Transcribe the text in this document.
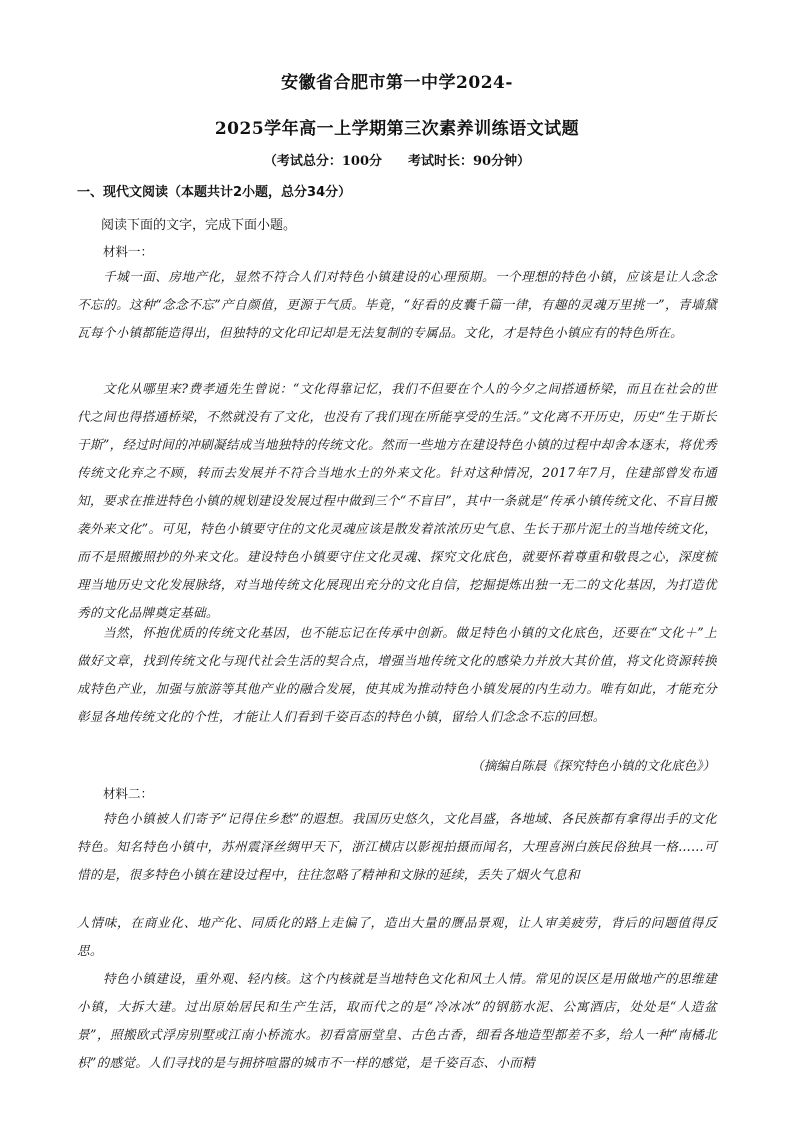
安徽省合肥市第一中学2024-
2025学年高一上学期第三次素养训练语文试题
（考试总分：100分 考试时长：90分钟）
一、现代文阅读（本题共计2小题，总分34分）
阅读下面的文字，完成下面小题。
材料一：

千城一面、房地产化，显然不符合人们对特色小镇建设的心理预期。一个理想的特色小镇，应该是让人念念不忘的。这种“念念不忘”产自颜值，更源于气质。毕竟，“好看的皮囊千篇一律，有趣的灵魂万里挑一”，青墙黛瓦每个小镇都能造得出，但独特的文化印记却是无法复制的专属品。文化，才是特色小镇应有的特色所在。

文化从哪里来?费孝通先生曾说：“文化得靠记忆，我们不但要在个人的今夕之间搭通桥梁，而且在社会的世代之间也得搭通桥梁，不然就没有了文化，也没有了我们现在所能享受的生活。”文化离不开历史，历史“生于斯长于斯”，经过时间的冲刷凝结成当地独特的传统文化。然而一些地方在建设特色小镇的过程中却舍本逐末，将优秀传统文化弃之不顾，转而去发展并不符合当地水土的外来文化。针对这种情况，2017年7月，住建部曾发布通知，要求在推进特色小镇的规划建设发展过程中做到三个“不盲目”，其中一条就是“传承小镇传统文化、不盲目搬袭外来文化”。可见，特色小镇要守住的文化灵魂应该是散发着浓浓历史气息、生长于那片泥土的当地传统文化，而不是照搬照抄的外来文化。建设特色小镇要守住文化灵魂、探究文化底色，就要怀着尊重和敬畏之心，深度梳理当地历史文化发展脉络，对当地传统文化展现出充分的文化自信，挖掘提炼出独一无二的文化基因，为打造优秀的文化品牌奠定基础。

当然，怀抱优质的传统文化基因，也不能忘记在传承中创新。做足特色小镇的文化底色，还要在“文化＋”上做好文章，找到传统文化与现代社会生活的契合点，增强当地传统文化的感染力并放大其价值，将文化资源转换成特色产业，加强与旅游等其他产业的融合发展，使其成为推动特色小镇发展的内生动力。唯有如此，才能充分彰显各地传统文化的个性，才能让人们看到千姿百态的特色小镇，留给人们念念不忘的回想。

（摘编自陈晨《探究特色小镇的文化底色》）
材料二：

特色小镇被人们寄予“记得住乡愁”的遐想。我国历史悠久，文化昌盛，各地域、各民族都有拿得出手的文化特色。知名特色小镇中，苏州震泽丝绸甲天下，浙江横店以影视拍摄而闻名，大理喜洲白族民俗独具一格……可惜的是，很多特色小镇在建设过程中，往往忽略了精神和文脉的延续，丢失了烟火气息和

人情味，在商业化、地产化、同质化的路上走偏了，造出大量的赝品景观，让人审美疲劳，背后的问题值得反思。

特色小镇建设，重外观、轻内核。这个内核就是当地特色文化和风土人情。常见的误区是用做地产的思维建小镇，大拆大建。过出原始居民和生产生活，取而代之的是“冷冰冰”的钢筋水泥、公寓酒店，处处是“人造盆景”，照搬欧式浮房别墅或江南小桥流水。初看富丽堂皇、古色古香，细看各地造型都差不多，给人一种“南橘北枳”的感觉。人们寻找的是与拥挤喧嚣的城市不一样的感觉，是千姿百态、小而精
